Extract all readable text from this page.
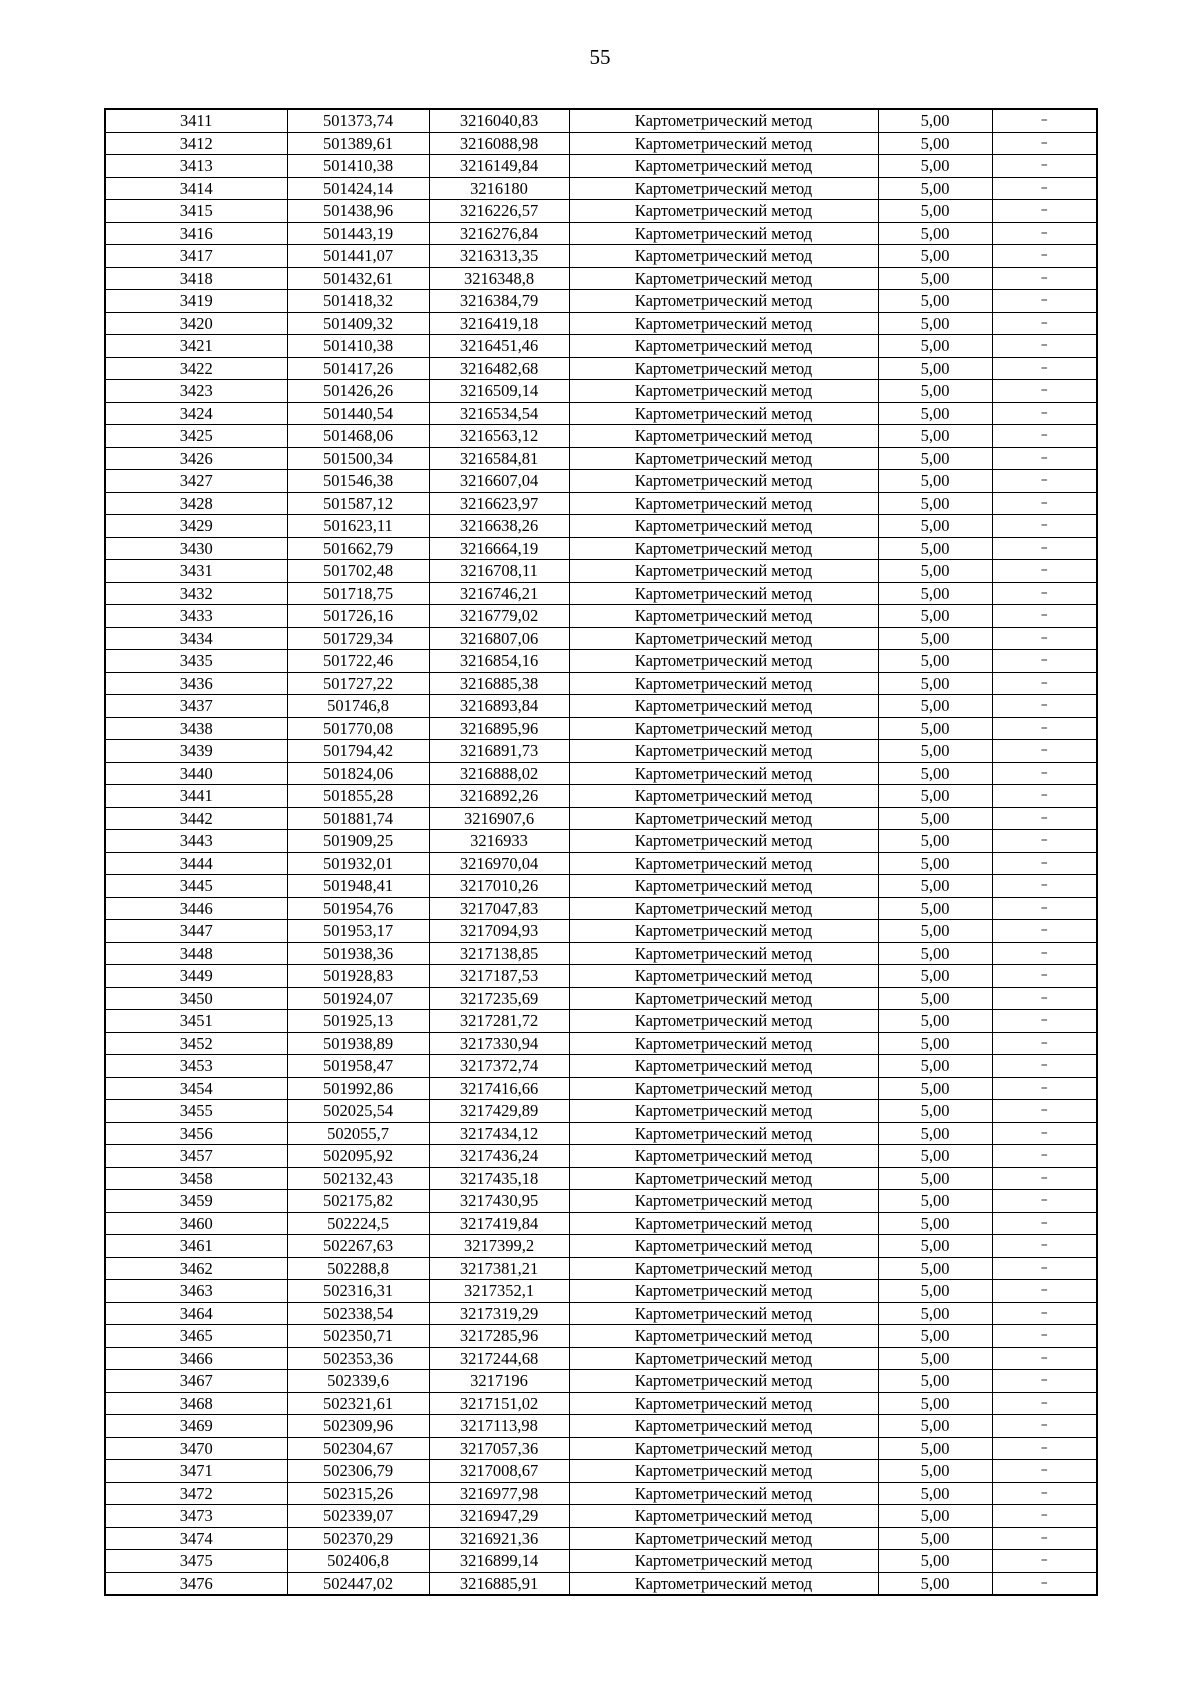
55
3411	501373,74	3216040,83	Картометрический метод	5,00	–
3412	501389,61	3216088,98	Картометрический метод	5,00	–
3413	501410,38	3216149,84	Картометрический метод	5,00	–
3414	501424,14	3216180	Картометрический метод	5,00	–
3415	501438,96	3216226,57	Картометрический метод	5,00	–
3416	501443,19	3216276,84	Картометрический метод	5,00	–
3417	501441,07	3216313,35	Картометрический метод	5,00	–
3418	501432,61	3216348,8	Картометрический метод	5,00	–
3419	501418,32	3216384,79	Картометрический метод	5,00	–
3420	501409,32	3216419,18	Картометрический метод	5,00	–
3421	501410,38	3216451,46	Картометрический метод	5,00	–
3422	501417,26	3216482,68	Картометрический метод	5,00	–
3423	501426,26	3216509,14	Картометрический метод	5,00	–
3424	501440,54	3216534,54	Картометрический метод	5,00	–
3425	501468,06	3216563,12	Картометрический метод	5,00	–
3426	501500,34	3216584,81	Картометрический метод	5,00	–
3427	501546,38	3216607,04	Картометрический метод	5,00	–
3428	501587,12	3216623,97	Картометрический метод	5,00	–
3429	501623,11	3216638,26	Картометрический метод	5,00	–
3430	501662,79	3216664,19	Картометрический метод	5,00	–
3431	501702,48	3216708,11	Картометрический метод	5,00	–
3432	501718,75	3216746,21	Картометрический метод	5,00	–
3433	501726,16	3216779,02	Картометрический метод	5,00	–
3434	501729,34	3216807,06	Картометрический метод	5,00	–
3435	501722,46	3216854,16	Картометрический метод	5,00	–
3436	501727,22	3216885,38	Картометрический метод	5,00	–
3437	501746,8	3216893,84	Картометрический метод	5,00	–
3438	501770,08	3216895,96	Картометрический метод	5,00	–
3439	501794,42	3216891,73	Картометрический метод	5,00	–
3440	501824,06	3216888,02	Картометрический метод	5,00	–
3441	501855,28	3216892,26	Картометрический метод	5,00	–
3442	501881,74	3216907,6	Картометрический метод	5,00	–
3443	501909,25	3216933	Картометрический метод	5,00	–
3444	501932,01	3216970,04	Картометрический метод	5,00	–
3445	501948,41	3217010,26	Картометрический метод	5,00	–
3446	501954,76	3217047,83	Картометрический метод	5,00	–
3447	501953,17	3217094,93	Картометрический метод	5,00	–
3448	501938,36	3217138,85	Картометрический метод	5,00	–
3449	501928,83	3217187,53	Картометрический метод	5,00	–
3450	501924,07	3217235,69	Картометрический метод	5,00	–
3451	501925,13	3217281,72	Картометрический метод	5,00	–
3452	501938,89	3217330,94	Картометрический метод	5,00	–
3453	501958,47	3217372,74	Картометрический метод	5,00	–
3454	501992,86	3217416,66	Картометрический метод	5,00	–
3455	502025,54	3217429,89	Картометрический метод	5,00	–
3456	502055,7	3217434,12	Картометрический метод	5,00	–
3457	502095,92	3217436,24	Картометрический метод	5,00	–
3458	502132,43	3217435,18	Картометрический метод	5,00	–
3459	502175,82	3217430,95	Картометрический метод	5,00	–
3460	502224,5	3217419,84	Картометрический метод	5,00	–
3461	502267,63	3217399,2	Картометрический метод	5,00	–
3462	502288,8	3217381,21	Картометрический метод	5,00	–
3463	502316,31	3217352,1	Картометрический метод	5,00	–
3464	502338,54	3217319,29	Картометрический метод	5,00	–
3465	502350,71	3217285,96	Картометрический метод	5,00	–
3466	502353,36	3217244,68	Картометрический метод	5,00	–
3467	502339,6	3217196	Картометрический метод	5,00	–
3468	502321,61	3217151,02	Картометрический метод	5,00	–
3469	502309,96	3217113,98	Картометрический метод	5,00	–
3470	502304,67	3217057,36	Картометрический метод	5,00	–
3471	502306,79	3217008,67	Картометрический метод	5,00	–
3472	502315,26	3216977,98	Картометрический метод	5,00	–
3473	502339,07	3216947,29	Картометрический метод	5,00	–
3474	502370,29	3216921,36	Картометрический метод	5,00	–
3475	502406,8	3216899,14	Картометрический метод	5,00	–
3476	502447,02	3216885,91	Картометрический метод	5,00	–
